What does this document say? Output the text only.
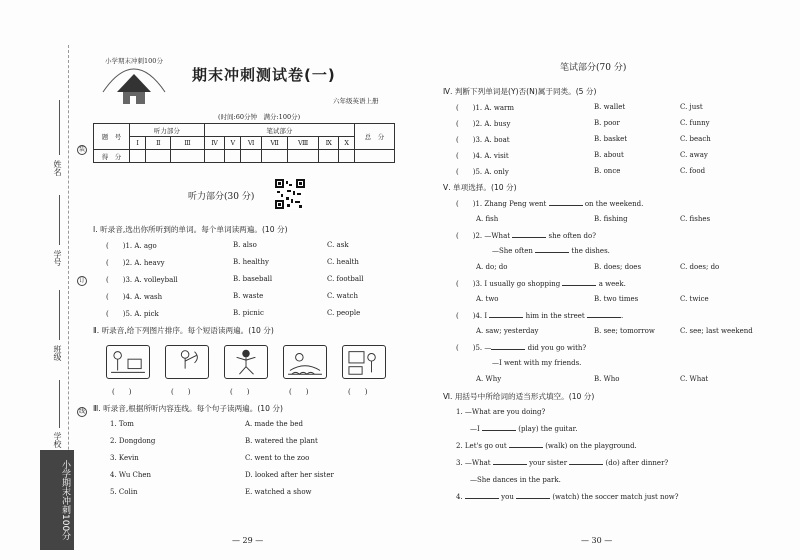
姓名
学号
班级
学校
装
订
线
小学期末冲刺100分
小学期末冲刺100分
期末冲刺测试卷(一)
六年级英语上册
(时间:60分钟　满分:100分)
题　号	听力部分			笔试部分							总　分
	Ⅰ	Ⅱ	Ⅲ	Ⅳ	Ⅴ	Ⅵ	Ⅶ	Ⅷ	Ⅸ	Ⅹ	
得　分											
听力部分(30 分)
Ⅰ. 听录音,选出你所听到的单词。每个单词读两遍。(10 分)
(　　)1. A. ago	B. also	C. ask
(　　)2. A. heavy	B. healthy	C. health
(　　)3. A. volleyball	B. baseball	C. football
(　　)4. A. wash	B. waste	C. watch
(　　)5. A. pick	B. picnic	C. people
Ⅱ. 听录音,给下列图片排序。每个短语读两遍。(10 分)
(　　)	(　　)	(　　)	(　　)	(　　)
Ⅲ. 听录音,根据所听内容连线。每个句子读两遍。(10 分)
1. Tom	A. made the bed
2. Dongdong	B. watered the plant
3. Kevin	C. went to the zoo
4. Wu Chen	D. looked after her sister
5. Colin	E. watched a show
— 29 —
笔试部分(70 分)
Ⅳ. 判断下列单词是(Y)否(N)属于同类。(5 分)
(　　)1. A. warm	B. wallet	C. just
(　　)2. A. busy	B. poor	C. funny
(　　)3. A. boat	B. basket	C. beach
(　　)4. A. visit	B. about	C. away
(　　)5. A. only	B. once	C. food
Ⅴ. 单项选择。(10 分)
(　　)1. Zhang Peng went	on the weekend.
A. fish	B. fishing	C. fishes
(　　)2. —What	she often do?
—She often	the dishes.
A. do; do	B. does; does	C. does; do
(　　)3. I usually go shopping	a week.
A. two	B. two times	C. twice
(　　)4. I	him in the street	.
A. saw; yesterday	B. see; tomorrow	C. see; last weekend
(　　)5. —	did you go with?
—I went with my friends.
A. Why	B. Who	C. What
Ⅵ. 用括号中所给词的适当形式填空。(10 分)
1. —What are you doing?
—I	(play) the guitar.
2. Let's go out	(walk) on the playground.
3. —What	your sister	(do) after dinner?
—She dances in the park.
4.	you	(watch) the soccer match just now?
— 30 —
